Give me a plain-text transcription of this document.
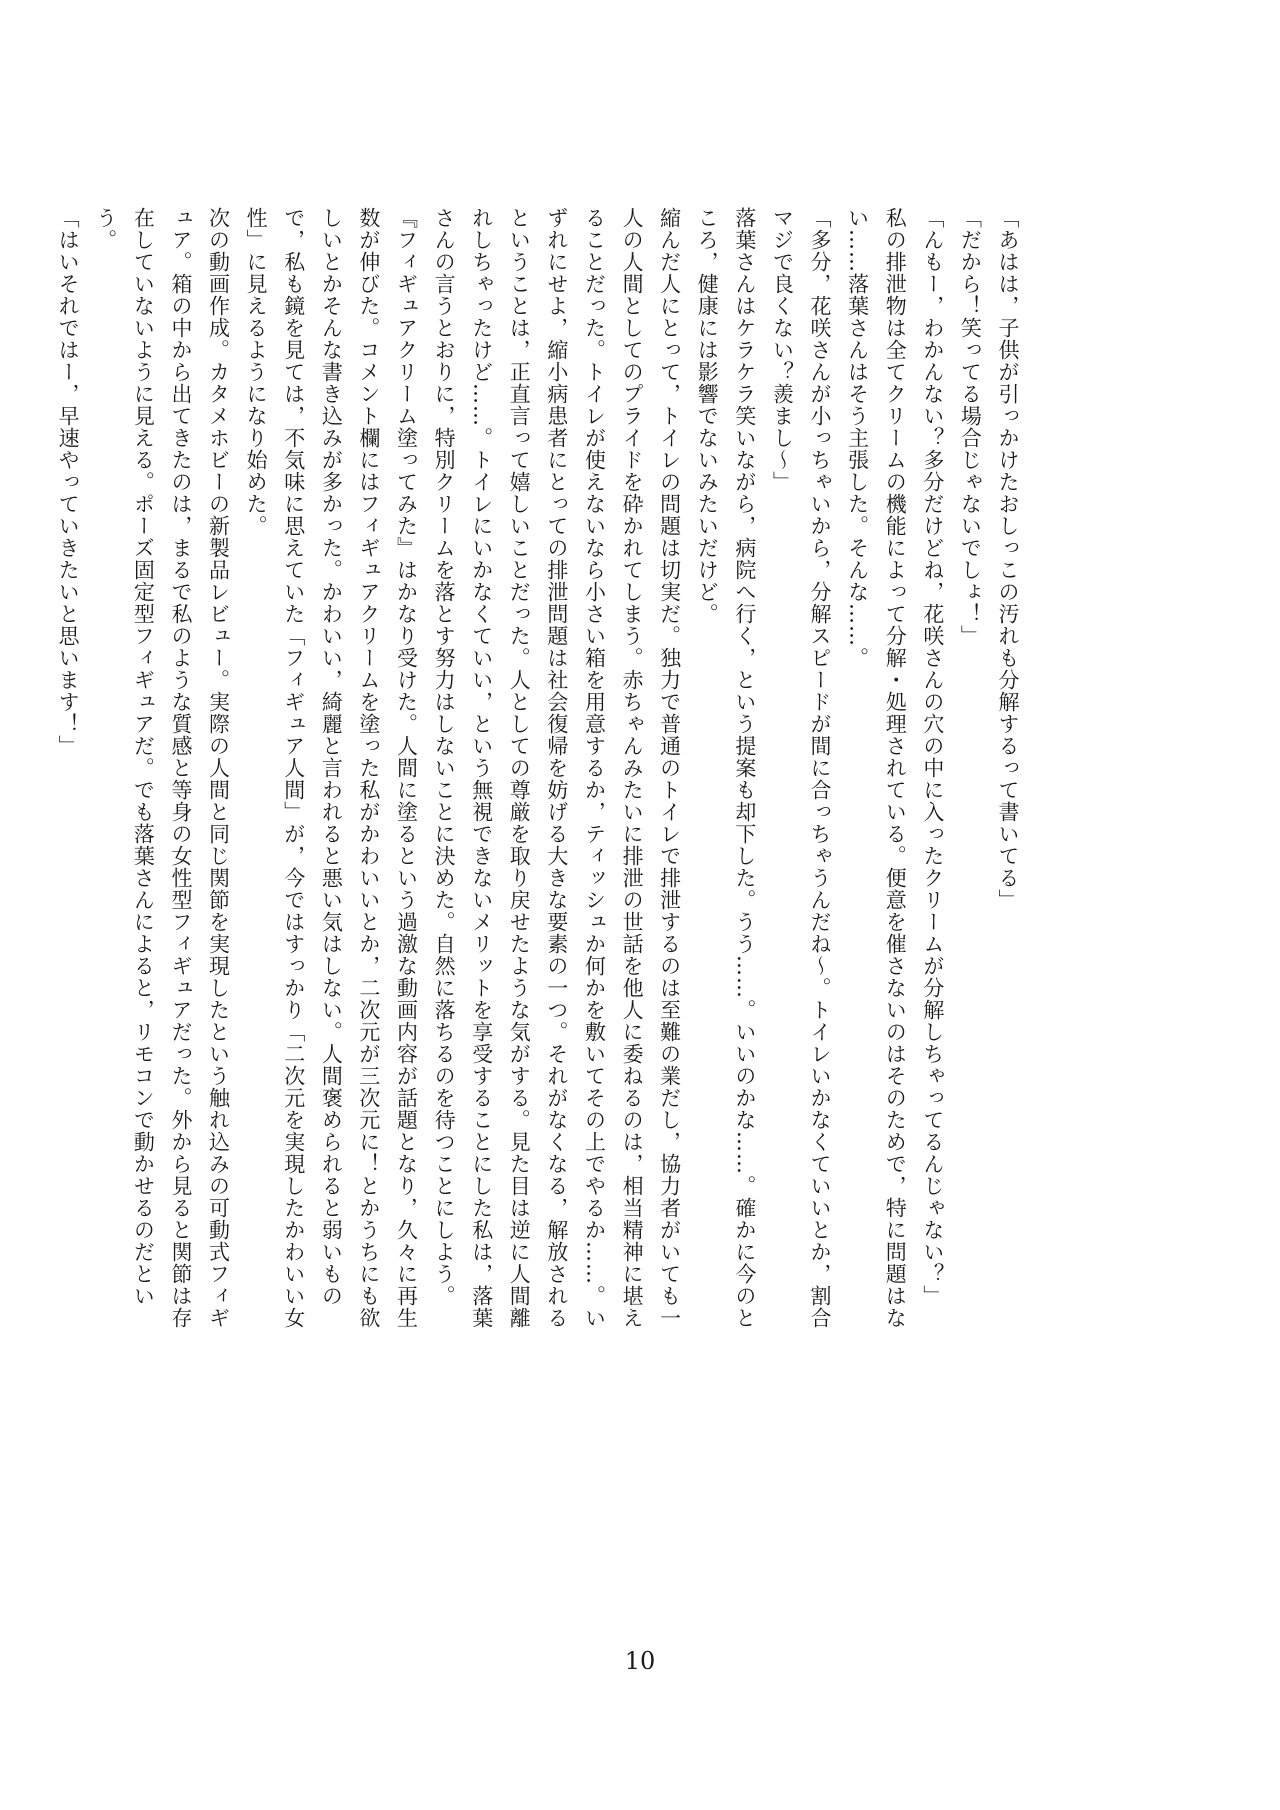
「あはは，子供が引っかけたおしっこの汚れも分解するって書いてる」

「だから！笑ってる場合じゃないでしょ！」

「んもー，わかんない？多分だけどね，花咲さんの穴の中に入ったクリームが分解しちゃってるんじゃない？」

私の排泄物は全てクリームの機能によって分解・処理されている。便意を催さないのはそのためで，特に問題はない……落葉さんはそう主張した。そんな……。

「多分，花咲さんが小っちゃいから，分解スピードが間に合っちゃうんだね〜。トイレいかなくていいとか，割合マジで良くない？羨まし〜」

落葉さんはケラケラ笑いながら，病院へ行く，という提案も却下した。うう……。いいのかな……。確かに今のところ，健康には影響でないみたいだけど。

縮んだ人にとって，トイレの問題は切実だ。独力で普通のトイレで排泄するのは至難の業だし，協力者がいても一人の人間としてのプライドを砕かれてしまう。赤ちゃんみたいに排泄の世話を他人に委ねるのは，相当精神に堪えることだった。トイレが使えないなら小さい箱を用意するか，ティッシュか何かを敷いてその上でやるか……。いずれにせよ，縮小病患者にとっての排泄問題は社会復帰を妨げる大きな要素の一つ。それがなくなる，解放されるということは，正直言って嬉しいことだった。人としての尊厳を取り戻せたような気がする。見た目は逆に人間離れしちゃったけど……。トイレにいかなくていい，という無視できないメリットを享受することにした私は，落葉さんの言うとおりに，特別クリームを落とす努力はしないことに決めた。自然に落ちるのを待つことにしよう。

『フィギュアクリーム塗ってみた』はかなり受けた。人間に塗るという過激な動画内容が話題となり，久々に再生数が伸びた。コメント欄にはフィギュアクリームを塗った私がかわいいとか，二次元が三次元に！とかうちにも欲しいとかそんな書き込みが多かった。かわいい，綺麗と言われると悪い気はしない。人間褒められると弱いもので，私も鏡を見ては，不気味に思えていた「フィギュア人間」が，今ではすっかり「二次元を実現したかわいい女性」に見えるようになり始めた。

次の動画作成。カタメホビーの新製品レビュー。実際の人間と同じ関節を実現したという触れ込みの可動式フィギュア。箱の中から出てきたのは，まるで私のような質感と等身の女性型フィギュアだった。外から見ると関節は存在していないように見える。ポーズ固定型フィギュアだ。でも落葉さんによると，リモコンで動かせるのだという。

「はいそれではー，早速やっていきたいと思います！」

10
